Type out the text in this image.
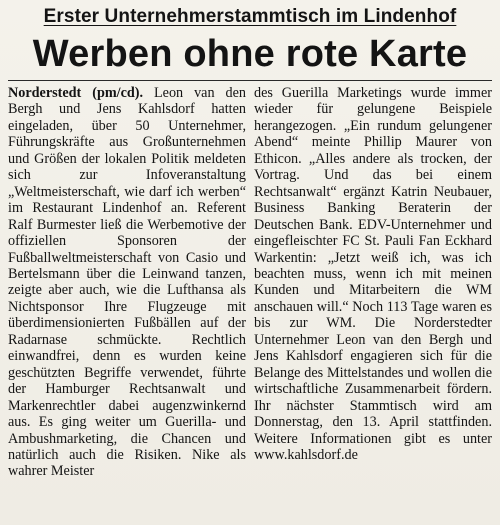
Erster Unternehmerstammtisch im Lindenhof
Werben ohne rote Karte

Norderstedt (pm/cd). Leon van den Bergh und Jens Kahlsdorf hatten eingeladen, über 50 Unternehmer, Führungskräfte aus Großunternehmen und Größen der lokalen Politik meldeten sich zur Infoveranstaltung „Weltmeisterschaft, wie darf ich werben“ im Restaurant Lindenhof an. Referent Ralf Burmester ließ die Werbemotive der offiziellen Sponsoren der Fußballweltmeisterschaft von Casio und Bertelsmann über die Leinwand tanzen, zeigte aber auch, wie die Lufthansa als Nichtsponsor Ihre Flugzeuge mit überdimensionierten Fußbällen auf der Radarnase schmückte. Rechtlich einwandfrei, denn es wurden keine geschützten Begriffe verwendet, führte der Hamburger Rechtsanwalt und Markenrechtler dabei augenzwinkernd aus. Es ging weiter um Guerilla- und Ambushmarketing, die Chancen und natürlich auch die Risiken. Nike als wahrer Meister

des Guerilla Marketings wurde immer wieder für gelungene Beispiele herangezogen. „Ein rundum gelungener Abend“ meinte Phillip Maurer von Ethicon. „Alles andere als trocken, der Vortrag. Und das bei einem Rechtsanwalt“ ergänzt Katrin Neubauer, Business Banking Beraterin der Deutschen Bank. EDV-Unternehmer und eingefleischter FC St. Pauli Fan Eckhard Warkentin: „Jetzt weiß ich, was ich beachten muss, wenn ich mit meinen Kunden und Mitarbeitern die WM anschauen will.“ Noch 113 Tage waren es bis zur WM. Die Norderstedter Unternehmer Leon van den Bergh und Jens Kahlsdorf engagieren sich für die Belange des Mittelstandes und wollen die wirtschaftliche Zusammenarbeit fördern. Ihr nächster Stammtisch wird am Donnerstag, den 13. April stattfinden. Weitere Informationen gibt es unter www.kahlsdorf.de
